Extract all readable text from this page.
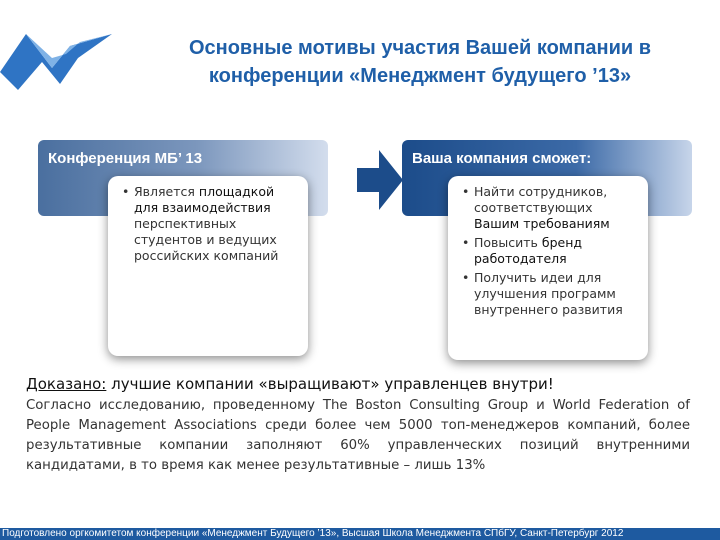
Основные мотивы участия Вашей компании в
конференции «Менеджмент будущего ’13»
Конференция МБ’ 13	Ваша компания сможет:
• Является площадкой для взаимодействия перспективных студентов и ведущих российских компаний
• Найти сотрудников, соответствующих Вашим требованиям
• Повысить бренд работодателя
• Получить идеи для улучшения программ внутреннего развития
Доказано: лучшие компании «выращивают» управленцев внутри!
Согласно исследованию, проведенному The Boston Consulting Group и World Federation of People Management Associations среди более чем 5000 топ-менеджеров компаний, более результативные компании заполняют 60% управленческих позиций внутренними кандидатами, в то время как менее результативные – лишь 13%
Подготовлено оргкомитетом конференции «Менеджмент Будущего ’13», Высшая Школа Менеджмента СПбГУ, Санкт-Петербург 2012
